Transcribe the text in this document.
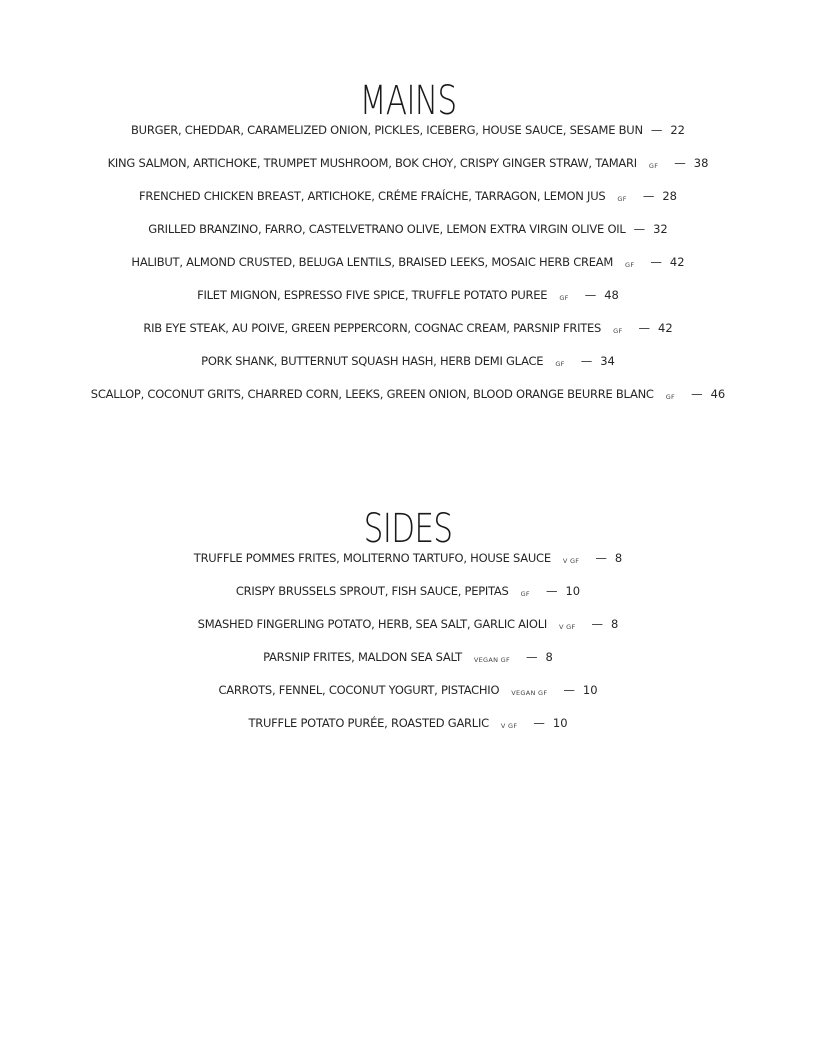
MAINS
BURGER, CHEDDAR, CARAMELIZED ONION, PICKLES, ICEBERG, HOUSE SAUCE, SESAME BUN — 22
KING SALMON, ARTICHOKE, TRUMPET MUSHROOM, BOK CHOY, CRISPY GINGER STRAW, TAMARI GF — 38
FRENCHED CHICKEN BREAST, ARTICHOKE, CRÉME FRAÍCHE, TARRAGON, LEMON JUS GF — 28
GRILLED BRANZINO, FARRO, CASTELVETRANO OLIVE, LEMON EXTRA VIRGIN OLIVE OIL — 32
HALIBUT, ALMOND CRUSTED, BELUGA LENTILS, BRAISED LEEKS, MOSAIC HERB CREAM GF — 42
FILET MIGNON, ESPRESSO FIVE SPICE, TRUFFLE POTATO PUREE GF — 48
RIB EYE STEAK, AU POIVE, GREEN PEPPERCORN, COGNAC CREAM, PARSNIP FRITES GF — 42
PORK SHANK, BUTTERNUT SQUASH HASH, HERB DEMI GLACE GF — 34
SCALLOP, COCONUT GRITS, CHARRED CORN, LEEKS, GREEN ONION, BLOOD ORANGE BEURRE BLANC GF — 46
SIDES
TRUFFLE POMMES FRITES, MOLITERNO TARTUFO, HOUSE SAUCE V GF — 8
CRISPY BRUSSELS SPROUT, FISH SAUCE, PEPITAS GF — 10
SMASHED FINGERLING POTATO, HERB, SEA SALT, GARLIC AIOLI V GF — 8
PARSNIP FRITES, MALDON SEA SALT VEGAN GF — 8
CARROTS, FENNEL, COCONUT YOGURT, PISTACHIO VEGAN GF — 10
TRUFFLE POTATO PURÉE, ROASTED GARLIC V GF — 10
